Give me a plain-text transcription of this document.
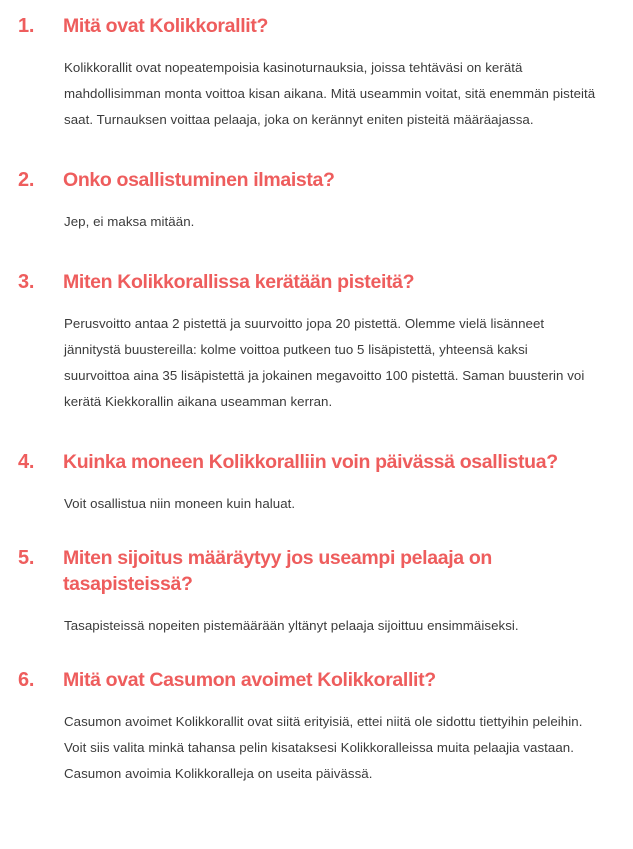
1.	Mitä ovat Kolikkorallit?
Kolikkorallit ovat nopeatempoisia kasinoturnauksia, joissa tehtäväsi on kerätä mahdollisimman monta voittoa kisan aikana. Mitä useammin voitat, sitä enemmän pisteitä saat. Turnauksen voittaa pelaaja, joka on kerännyt eniten pisteitä määräajassa.
2.	Onko osallistuminen ilmaista?
Jep, ei maksa mitään.
3.	Miten Kolikkorallissa kerätään pisteitä?
Perusvoitto antaa 2 pistettä ja suurvoitto jopa 20 pistettä. Olemme vielä lisänneet jännitystä buustereilla: kolme voittoa putkeen tuo 5 lisäpistettä, yhteensä kaksi suurvoittoa aina 35 lisäpistettä ja jokainen megavoitto 100 pistettä. Saman buusterin voi kerätä Kiekkorallin aikana useamman kerran.
4.	Kuinka moneen Kolikkoralliin voin päivässä osallistua?
Voit osallistua niin moneen kuin haluat.
5.	Miten sijoitus määräytyy jos useampi pelaaja on tasapisteissä?
Tasapisteissä nopeiten pistemäärään yltänyt pelaaja sijoittuu ensimmäiseksi.
6.	Mitä ovat Casumon avoimet Kolikkorallit?
Casumon avoimet Kolikkorallit ovat siitä erityisiä, ettei niitä ole sidottu tiettyihin peleihin. Voit siis valita minkä tahansa pelin kisataksesi Kolikkoralleissa muita pelaajia vastaan. Casumon avoimia Kolikkoralleja on useita päivässä.
